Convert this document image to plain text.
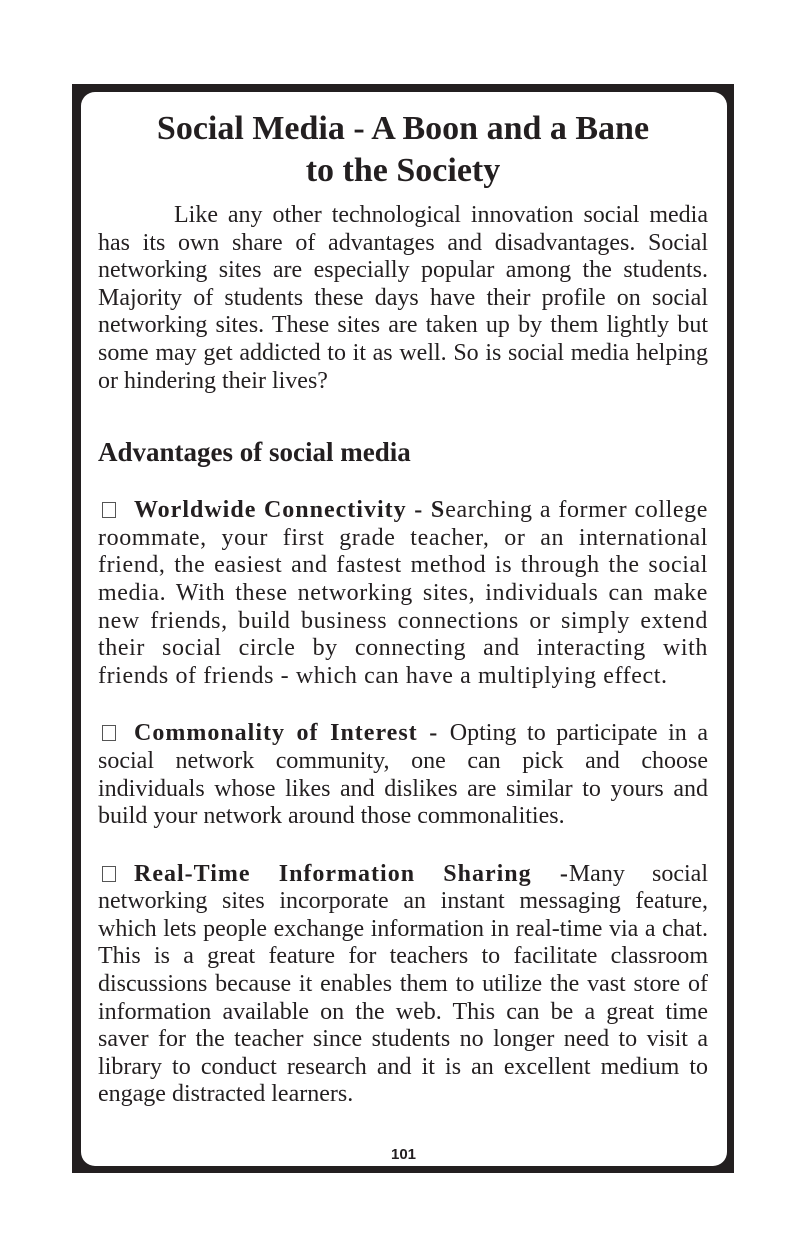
Social Media - A Boon and a Bane
to the Society

Like any other technological innovation social media has its own share of advantages and disadvantages. Social networking sites are especially popular among the students. Majority of students these days have their profile on social networking sites. These sites are taken up by them lightly but some may get addicted to it as well. So is social media helping or hindering their lives?

Advantages of social media

Worldwide Connectivity - Searching a former college roommate, your first grade teacher, or an international friend, the easiest and fastest method is through the social media. With these networking sites, individuals can make new friends, build business connections or simply extend their social circle by connecting and interacting with friends of friends - which can have a multiplying effect.

Commonality of Interest - Opting to participate in a social network community, one can pick and choose individuals whose likes and dislikes are similar to yours and build your network around those commonalities.

Real-Time Information Sharing -Many social networking sites incorporate an instant messaging feature, which lets people exchange information in real-time via a chat. This is a great feature for teachers to facilitate classroom discussions because it enables them to utilize the vast store of information available on the web. This can be a great time saver for the teacher since students no longer need to visit a library to conduct research and it is an excellent medium to engage distracted learners.

101
